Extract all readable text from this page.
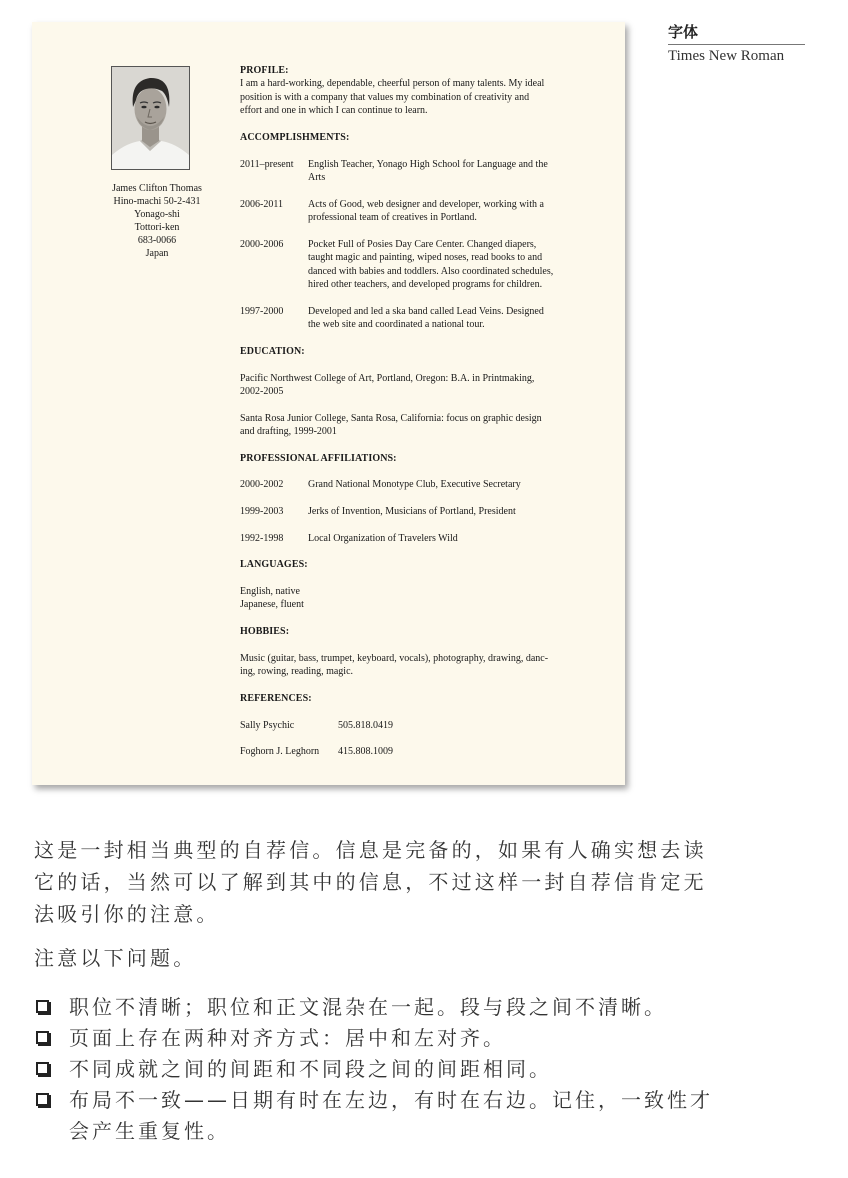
字体
Times New Roman
James Clifton Thomas
Hino-machi 50-2-431
Yonago-shi
Tottori-ken
683-0066
Japan
PROFILE:
I am a hard-working, dependable, cheerful person of many talents. My ideal
position is with a company that values my combination of creativity and
effort and one in which I can continue to learn.
ACCOMPLISHMENTS:
2011–present	English Teacher, Yonago High School for Language and the
Arts
2006-2011	Acts of Good, web designer and developer, working with a
professional team of creatives in Portland.
2000-2006	Pocket Full of Posies Day Care Center. Changed diapers,
taught magic and painting, wiped noses, read books to and
danced with babies and toddlers. Also coordinated schedules,
hired other teachers, and developed programs for children.
1997-2000	Developed and led a ska band called Lead Veins. Designed
the web site and coordinated a national tour.
EDUCATION:
Pacific Northwest College of Art, Portland, Oregon: B.A. in Printmaking,
2002-2005
Santa Rosa Junior College, Santa Rosa, California: focus on graphic design
and drafting, 1999-2001
PROFESSIONAL AFFILIATIONS:
2000-2002	Grand National Monotype Club, Executive Secretary
1999-2003	Jerks of Invention, Musicians of Portland, President
1992-1998	Local Organization of Travelers Wild
LANGUAGES:
English, native
Japanese, fluent
HOBBIES:
Music (guitar, bass, trumpet, keyboard, vocals), photography, drawing, danc-
ing, rowing, reading, magic.
REFERENCES:
Sally Psychic	505.818.0419
Foghorn J. Leghorn	415.808.1009
这是一封相当典型的自荐信。信息是完备的，如果有人确实想去读
它的话，当然可以了解到其中的信息，不过这样一封自荐信肯定无
法吸引你的注意。
注意以下问题。
职位不清晰；职位和正文混杂在一起。段与段之间不清晰。
页面上存在两种对齐方式：居中和左对齐。
不同成就之间的间距和不同段之间的间距相同。
布局不一致——日期有时在左边，有时在右边。记住，一致性才
会产生重复性。
